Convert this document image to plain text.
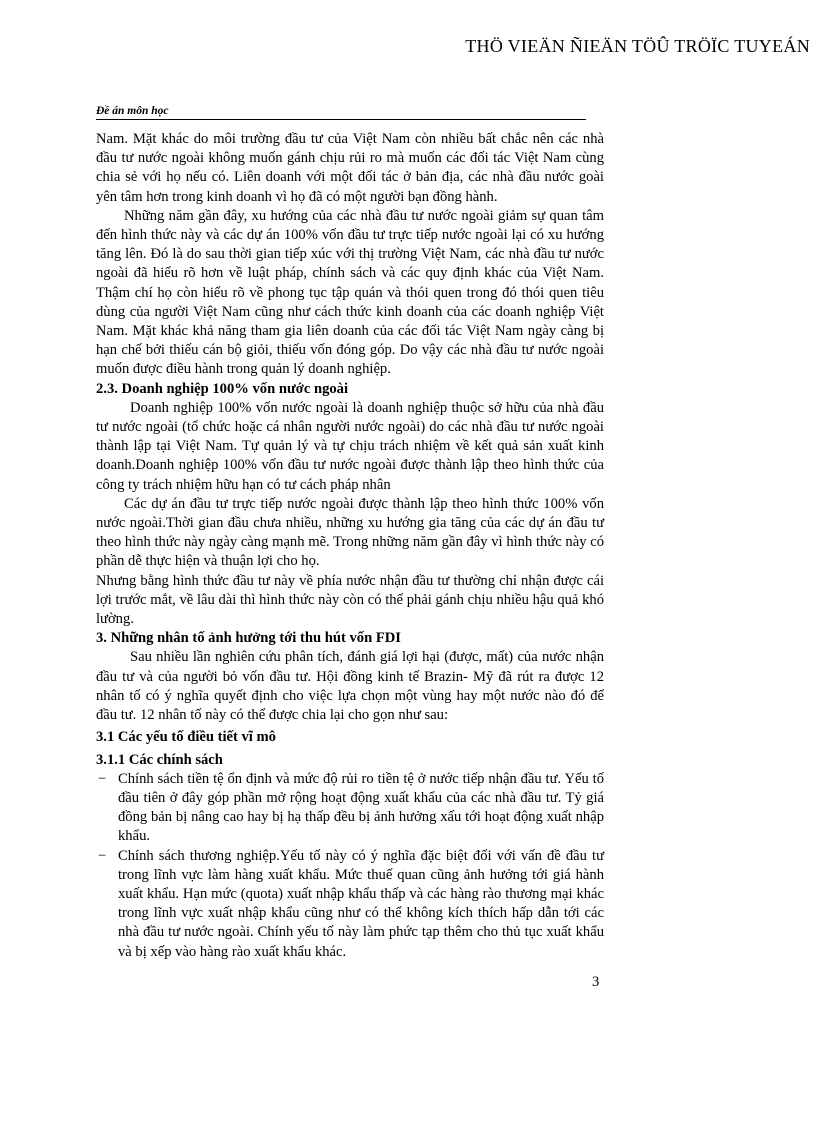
THÖ VIEÄN ÑIEÄN TÖÛ TRÖÏC TUYEÁN
Đề án môn học

Nam. Mặt khác do môi trường đầu tư của Việt Nam còn nhiều bất chắc nên các nhà đầu tư nước ngoài không muốn gánh chịu rủi ro mà muốn các đối tác Việt Nam cùng chia sẻ với họ nếu có. Liên doanh với một đối tác ở bản địa, các nhà đầu nước goài yên tâm hơn trong kinh doanh vì họ đã có một người bạn đồng hành.

Những năm gần đây, xu hướng của các nhà đầu tư nước ngoài giảm sự quan tâm đến hình thức này và các dự án 100% vốn đầu tư trực tiếp nước ngoài lại có xu hướng tăng lên. Đó là do sau thời gian tiếp xúc với thị trường Việt Nam, các nhà đầu tư nước ngoài đã hiểu rõ hơn về luật pháp, chính sách và các quy định khác của Việt Nam. Thậm chí họ còn hiểu rõ về phong tục tập quán và thói quen trong đó thói quen tiêu dùng của người Việt Nam cũng như cách thức kinh doanh của các doanh nghiệp Việt Nam. Mặt khác khả năng tham gia liên doanh của các đối tác Việt Nam ngày càng bị hạn chế bởi thiếu cán bộ giỏi, thiếu vốn đóng góp. Do vậy các nhà đầu tư nước ngoài muốn được điều hành trong quản lý doanh nghiệp.

2.3. Doanh nghiệp 100% vốn nước ngoài

Doanh nghiệp 100% vốn nước ngoài là doanh nghiệp thuộc sở hữu của nhà đầu tư nước ngoài (tổ chức hoặc cá nhân người nước ngoài) do các nhà đầu tư nước ngoài thành lập tại Việt Nam. Tự quản lý và tự chịu trách nhiệm về kết quả sản xuất kinh doanh.Doanh nghiệp 100% vốn đầu tư nước ngoài được thành lập theo hình thức của công ty trách nhiệm hữu hạn có tư cách pháp nhân

Các dự án đầu tư trực tiếp nước ngoài được thành lập theo hình thức 100% vốn nước ngoài.Thời gian đầu chưa nhiều, những xu hướng gia tăng của các dự án đầu tư theo hình thức này ngày càng mạnh mẽ. Trong những năm gần đây vì hình thức này có phần dễ thực hiện và thuận lợi cho họ.

Nhưng bằng hình thức đầu tư này về phía nước nhận đầu tư thường chỉ nhận được cái lợi trước mắt, về lâu dài thì hình thức này còn có thể phải gánh chịu nhiều hậu quả khó lường.

3. Những nhân tố ảnh hưởng tới thu hút vốn FDI

Sau nhiều lần nghiên cứu phân tích, đánh giá lợi hại (được, mất) của nước nhận đầu tư và của người bỏ vốn đầu tư. Hội đồng kinh tế Brazin- Mỹ đã rút ra được 12 nhân tố có ý nghĩa quyết định cho việc lựa chọn một vùng hay một nước nào đó để đầu tư. 12 nhân tố này có thể được chia lại cho gọn như sau:

3.1 Các yếu tố điều tiết vĩ mô

3.1.1 Các chính sách

− Chính sách tiền tệ ổn định và mức độ rủi ro tiền tệ ở nước tiếp nhận đầu tư. Yếu tố đầu tiên ở đây góp phần mở rộng hoạt động xuất khẩu của các nhà đầu tư. Tỷ giá đồng bản bị nâng cao hay bị hạ thấp đều bị ảnh hưởng xấu tới hoạt động xuất nhập khẩu.
− Chính sách thương nghiệp.Yếu tố này có ý nghĩa đặc biệt đối với vấn đề đầu tư trong lĩnh vực làm hàng xuất khẩu. Mức thuế quan cũng ảnh hưởng tới giá hành xuất khẩu. Hạn mức (quota) xuất nhập khẩu thấp và các hàng rào thương mại khác trong lĩnh vực xuất nhập khẩu cũng như có thể không kích thích hấp dẫn tới các nhà đầu tư nước ngoài. Chính yếu tố này làm phức tạp thêm cho thủ tục xuất khẩu và bị xếp vào hàng rào xuất khẩu khác.
3
